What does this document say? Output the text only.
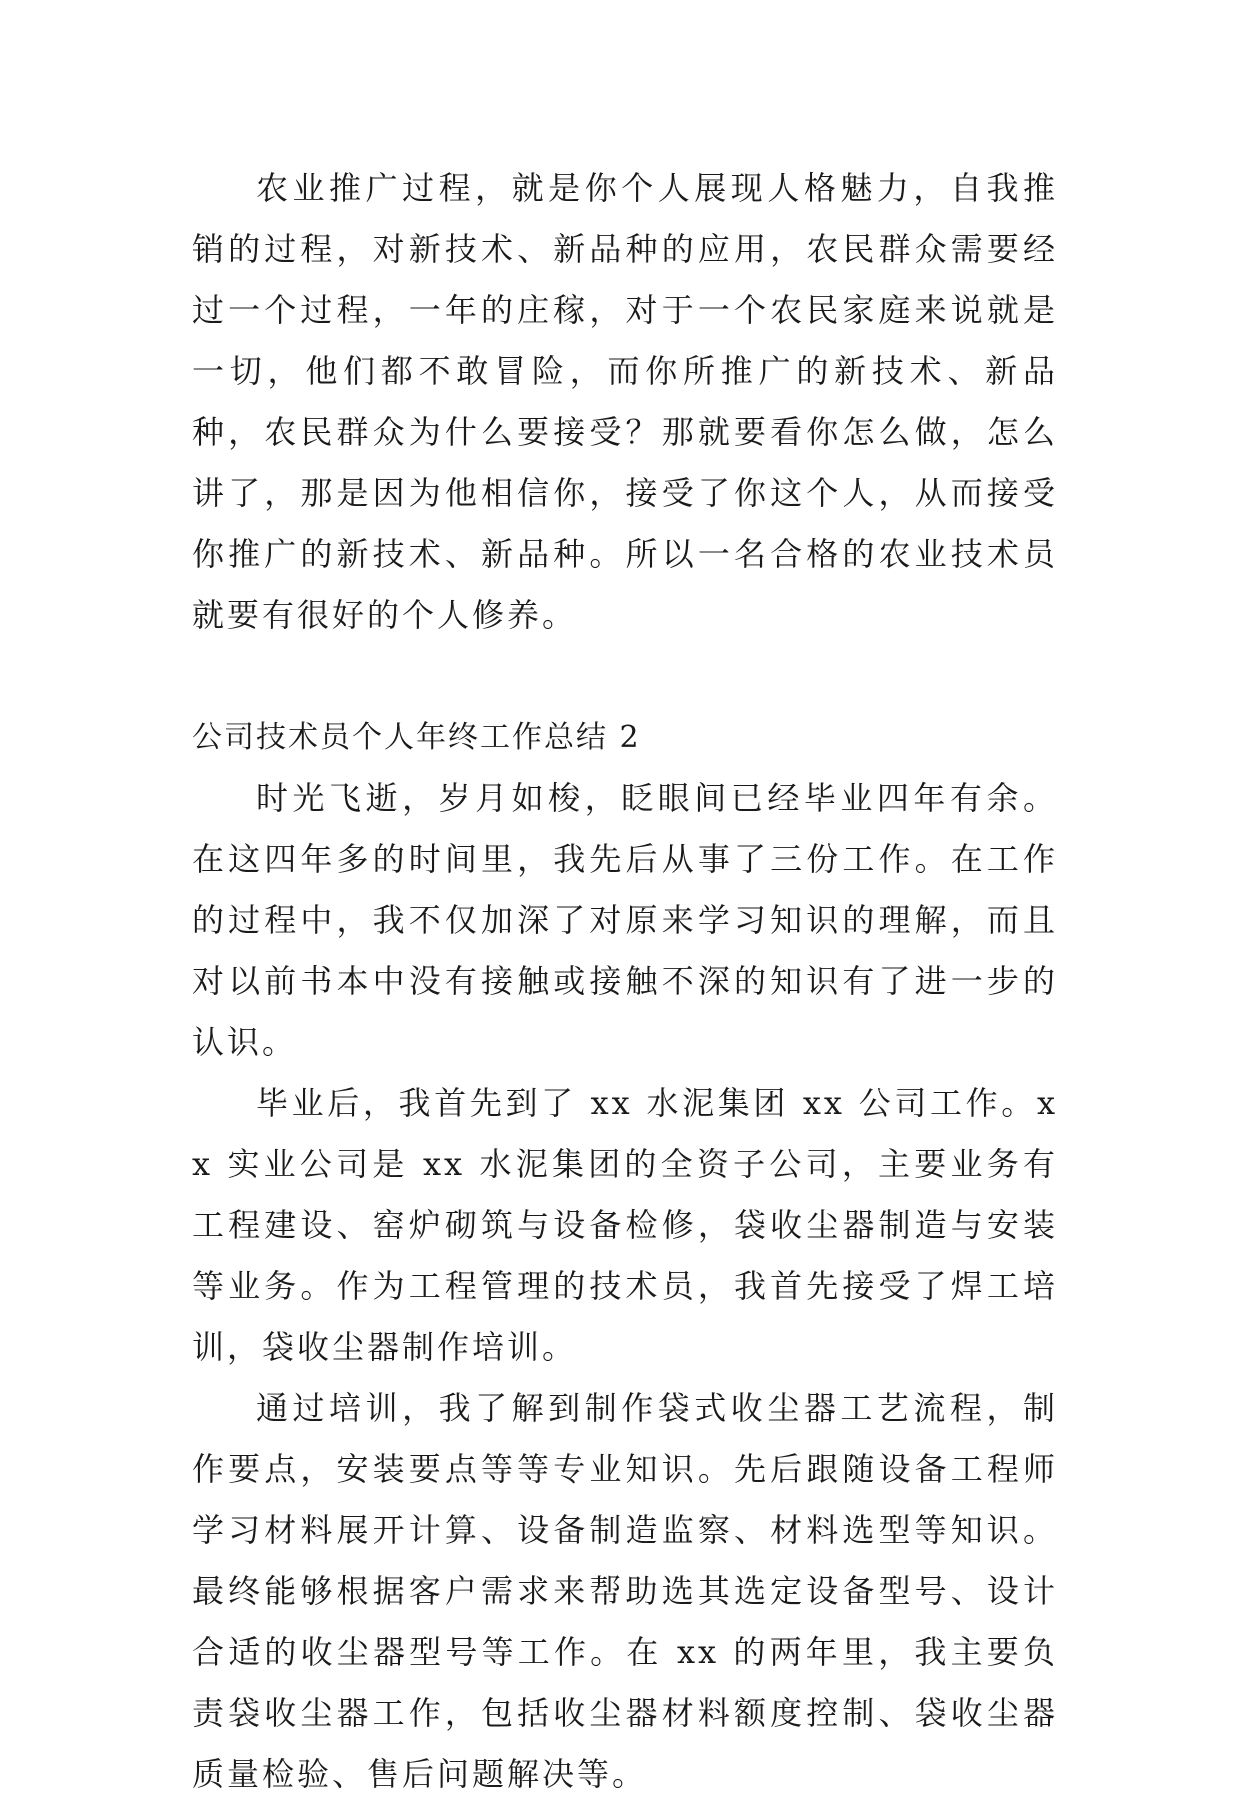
农业推广过程，就是你个人展现人格魅力，自我推销的过程，对新技术、新品种的应用，农民群众需要经过一个过程，一年的庄稼，对于一个农民家庭来说就是一切，他们都不敢冒险，而你所推广的新技术、新品种，农民群众为什么要接受？那就要看你怎么做，怎么讲了，那是因为他相信你，接受了你这个人，从而接受你推广的新技术、新品种。所以一名合格的农业技术员就要有很好的个人修养。

公司技术员个人年终工作总结 2

时光飞逝，岁月如梭，眨眼间已经毕业四年有余。在这四年多的时间里，我先后从事了三份工作。在工作的过程中，我不仅加深了对原来学习知识的理解，而且对以前书本中没有接触或接触不深的知识有了进一步的认识。

毕业后，我首先到了 xx 水泥集团 xx 公司工作。xx 实业公司是 xx 水泥集团的全资子公司，主要业务有工程建设、窑炉砌筑与设备检修，袋收尘器制造与安装等业务。作为工程管理的技术员，我首先接受了焊工培训，袋收尘器制作培训。

通过培训，我了解到制作袋式收尘器工艺流程，制作要点，安装要点等等专业知识。先后跟随设备工程师学习材料展开计算、设备制造监察、材料选型等知识。最终能够根据客户需求来帮助选其选定设备型号、设计合适的收尘器型号等工作。在 xx 的两年里，我主要负责袋收尘器工作，包括收尘器材料额度控制、袋收尘器质量检验、售后问题解决等。
